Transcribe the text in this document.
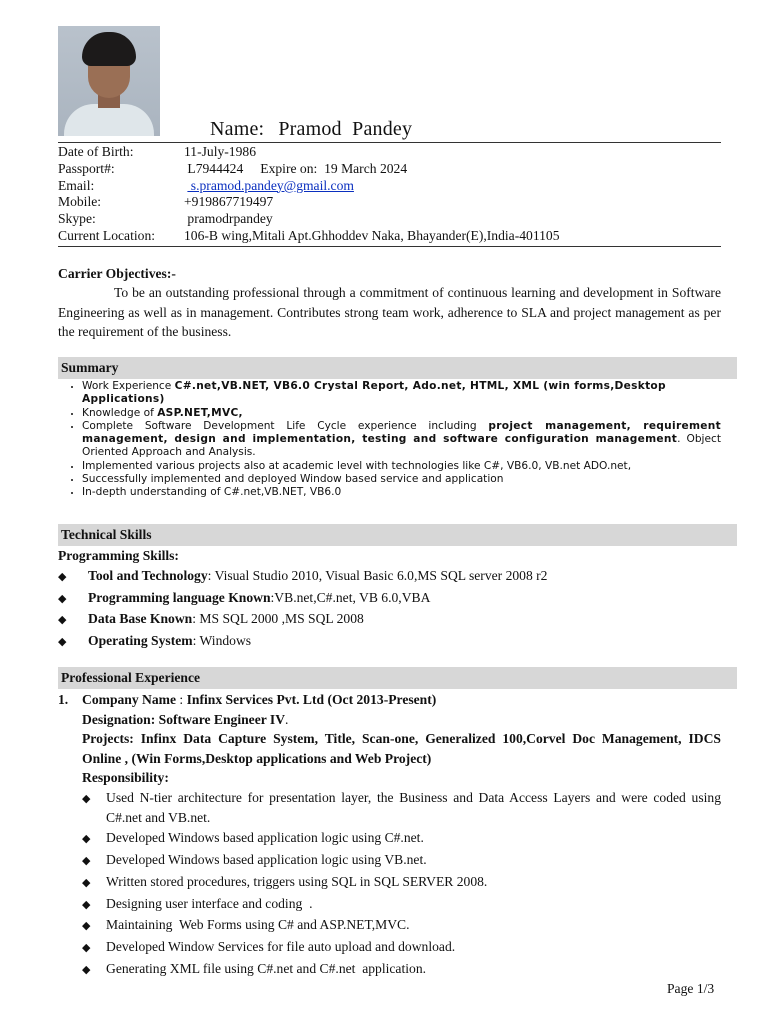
Name: Pramod  Pandey
Date of Birth:	11-July-1986
Passport#:	L7944424     Expire on:  19 March 2024
Email:	s.pramod.pandey@gmail.com
Mobile:	+919867719497
Skype:	pramodrpandey
Current Location:	106-B wing,Mitali Apt.Ghhoddev Naka, Bhayander(E),India-401105
Carrier Objectives:-
To be an outstanding professional through a commitment of continuous learning and development in Software Engineering as well as in management. Contributes strong team work, adherence to SLA and project management as per the requirement of the business.
Summary
• Work Experience C#.net,VB.NET, VB6.0 Crystal Report, Ado.net, HTML, XML (win forms,Desktop Applications)
• Knowledge of ASP.NET,MVC,
• Complete Software Development Life Cycle experience including project management, requirement management, design and implementation, testing and software configuration management. Object Oriented Approach and Analysis.
• Implemented various projects also at academic level with technologies like C#, VB6.0, VB.net ADO.net,
• Successfully implemented and deployed Window based service and application
• In-depth understanding of C#.net,VB.NET, VB6.0
Technical Skills
Programming Skills:
◆	Tool and Technology: Visual Studio 2010, Visual Basic 6.0,MS SQL server 2008 r2
◆	Programming language Known:VB.net,C#.net, VB 6.0,VBA
◆	Data Base Known: MS SQL 2000 ,MS SQL 2008
◆	Operating System: Windows
Professional Experience
1. Company Name : Infinx Services Pvt. Ltd (Oct 2013-Present)
Designation: Software Engineer IV.
Projects: Infinx Data Capture System, Title, Scan-one, Generalized 100,Corvel Doc Management, IDCS Online , (Win Forms,Desktop applications and Web Project)
Responsibility:
◆	Used N-tier architecture for presentation layer, the Business and Data Access Layers and were coded using C#.net and VB.net.
◆	Developed Windows based application logic using C#.net.
◆	Developed Windows based application logic using VB.net.
◆	Written stored procedures, triggers using SQL in SQL SERVER 2008.
◆	Designing user interface and coding  .
◆	Maintaining  Web Forms using C# and ASP.NET,MVC.
◆	Developed Window Services for file auto upload and download.
◆	Generating XML file using C#.net and C#.net  application.
Page 1/3
